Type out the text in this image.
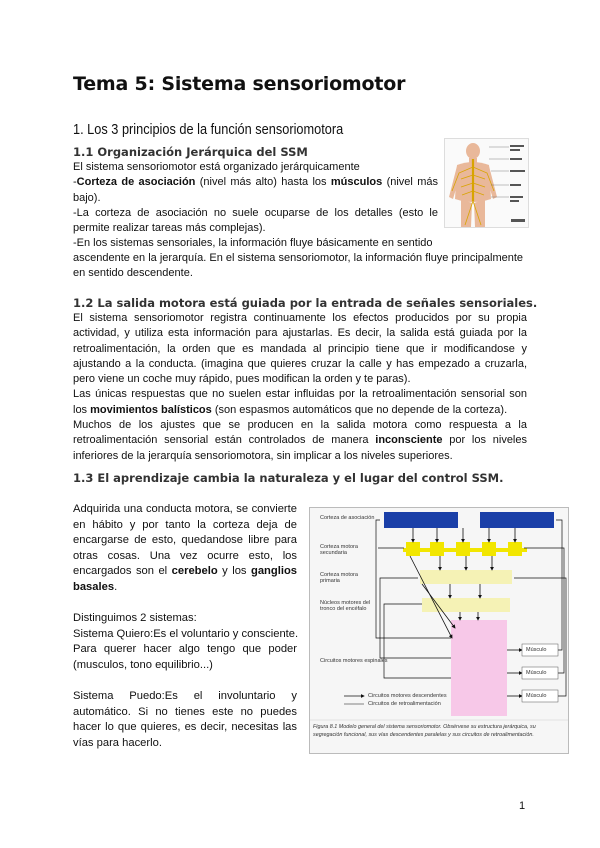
Tema 5: Sistema sensoriomotor
1. Los 3 principios de la función sensoriomotora
1.1 Organización Jerárquica del SSM
El sistema sensoriomotor está organizado jerárquicamente
-Corteza de asociación (nivel más alto) hasta los músculos (nivel más
bajo).
-La corteza de asociación no suele ocuparse de los detalles (esto le
permite realizar tareas más complejas).
-En los sistemas sensoriales, la información fluye básicamente en sentido
ascendente en la jerarquía. En el sistema sensoriomotor, la información fluye principalmente
en sentido descendente.
1.2 La salida motora está guiada por la entrada de señales sensoriales.
El sistema sensoriomotor registra continuamente los efectos producidos por su propia
actividad, y utiliza esta información para ajustarlas. Es decir, la salida está guiada por la
retroalimentación, la orden que es mandada al principio tiene que ir modificandose y
ajustando a la conducta. (imagina que quieres cruzar la calle y has empezado a cruzarla,
pero viene un coche muy rápido, pues modifican la orden y te paras).
Las únicas respuestas que no suelen estar influidas por la retroalimentación sensorial son
los movimientos balísticos (son espasmos automáticos que no depende de la corteza).
Muchos de los ajustes que se producen en la salida motora como respuesta a la
retroalimentación sensorial están controlados de manera inconsciente por los niveles
inferiores de la jerarquía sensoriomotora, sin implicar a los niveles superiores.
1.3 El aprendizaje cambia la naturaleza y el lugar del control SSM.
Adquirida una conducta motora, se convierte
en hábito y por tanto la corteza deja de
encargarse de esto, quedandose libre para
otras cosas. Una vez ocurre esto, los
encargados son el cerebelo y los ganglios
basales.
Distinguimos 2 sistemas:
Sistema Quiero:Es el voluntario y consciente.
Para querer hacer algo tengo que poder
(musculos, tono equilibrio...)
Sistema Puedo:Es el involuntario y
automático. Si no tienes este no puedes
hacer lo que quieres, es decir, necesitas las
vías para hacerlo.
Corteza de asociación
Corteza motora secundaria
Corteza motora primaria
Núcleos motores del tronco del encéfalo
Circuitos motores espinales
Músculo
Músculo
Músculo
Circuitos motores descendentes
Circuitos de retroalimentación
Figura 8.1 Modelo general del sistema sensoriomotor. Obsérvese su estructura jerárquica, su segregación funcional, sus vías descendentes paralelas y sus circuitos de retroalimentación.
1
